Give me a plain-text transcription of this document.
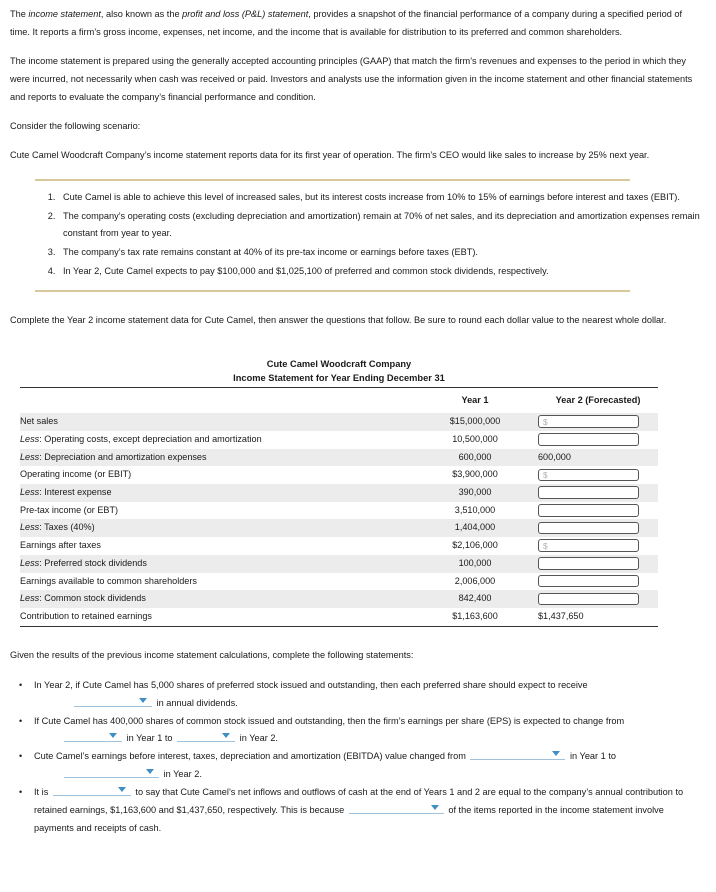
The income statement, also known as the profit and loss (P&L) statement, provides a snapshot of the financial performance of a company during a specified period of time. It reports a firm’s gross income, expenses, net income, and the income that is available for distribution to its preferred and common shareholders.

The income statement is prepared using the generally accepted accounting principles (GAAP) that match the firm’s revenues and expenses to the period in which they were incurred, not necessarily when cash was received or paid. Investors and analysts use the information given in the income statement and other financial statements and reports to evaluate the company’s financial performance and condition.

Consider the following scenario:

Cute Camel Woodcraft Company’s income statement reports data for its first year of operation. The firm’s CEO would like sales to increase by 25% next year.

1. Cute Camel is able to achieve this level of increased sales, but its interest costs increase from 10% to 15% of earnings before interest and taxes (EBIT).
2. The company’s operating costs (excluding depreciation and amortization) remain at 70% of net sales, and its depreciation and amortization expenses remain constant from year to year.
3. The company’s tax rate remains constant at 40% of its pre-tax income or earnings before taxes (EBT).
4. In Year 2, Cute Camel expects to pay $100,000 and $1,025,100 of preferred and common stock dividends, respectively.

Complete the Year 2 income statement data for Cute Camel, then answer the questions that follow. Be sure to round each dollar value to the nearest whole dollar.

Cute Camel Woodcraft Company
Income Statement for Year Ending December 31
	Year 1	Year 2 (Forecasted)
Net sales	$15,000,000	$

Less: Operating costs, except depreciation and amortization	10,500,000	
Less: Depreciation and amortization expenses	600,000	600,000
Operating income (or EBIT)	$3,900,000	$

Less: Interest expense	390,000	
Pre-tax income (or EBT)	3,510,000	
Less: Taxes (40%)	1,404,000	
Earnings after taxes	$2,106,000	$

Less: Preferred stock dividends	100,000	
Earnings available to common shareholders	2,006,000	
Less: Common stock dividends	842,400	
Contribution to retained earnings	$1,163,600	$1,437,650

Given the results of the previous income statement calculations, complete the following statements:

• In Year 2, if Cute Camel has 5,000 shares of preferred stock issued and outstanding, then each preferred share should expect to receive
in annual dividends.
• If Cute Camel has 400,000 shares of common stock issued and outstanding, then the firm’s earnings per share (EPS) is expected to change from
in Year 1 to	in Year 2.
• Cute Camel’s earnings before interest, taxes, depreciation and amortization (EBITDA) value changed from	in Year 1 to
in Year 2.
• It is	to say that Cute Camel’s net inflows and outflows of cash at the end of Years 1 and 2 are equal to the company’s annual contribution to retained earnings, $1,163,600 and $1,437,650, respectively. This is because	of the items reported in the income statement involve payments and receipts of cash.
